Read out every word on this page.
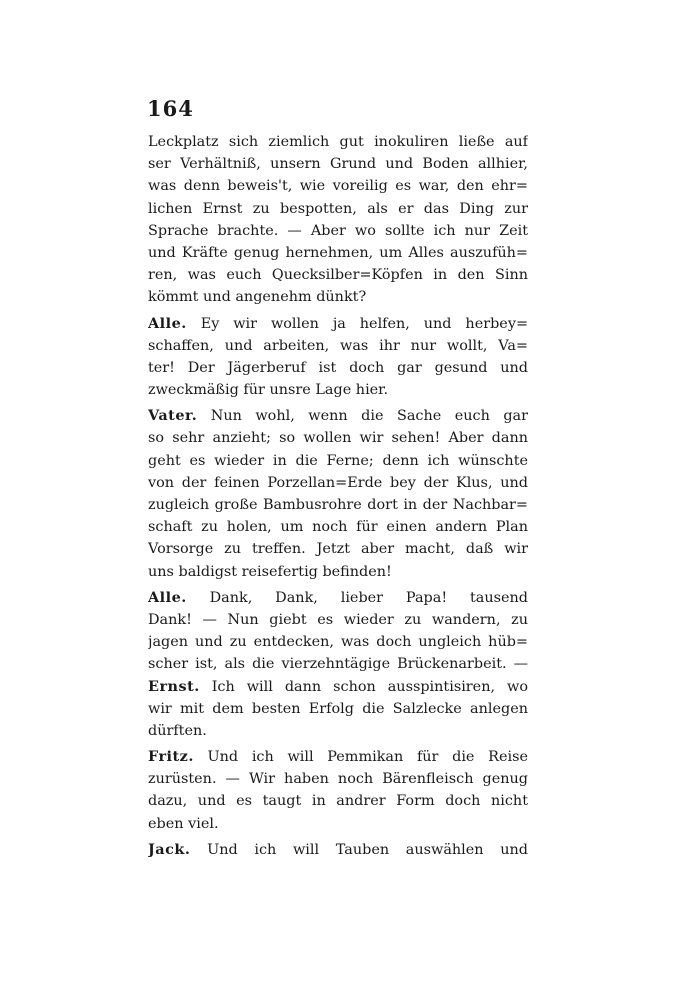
164
Leckplatz sich ziemlich gut inokuliren ließe auf
ser Verhältniß, unsern Grund und Boden allhier,
was denn beweis't, wie voreilig es war, den ehr=
lichen Ernst zu bespotten, als er das Ding zur
Sprache brachte. — Aber wo sollte ich nur Zeit
und Kräfte genug hernehmen, um Alles auszufüh=
ren, was euch Quecksilber=Köpfen in den Sinn
kömmt und angenehm dünkt?
Alle. Ey wir wollen ja helfen, und herbey=
schaffen, und arbeiten, was ihr nur wollt, Va=
ter! Der Jägerberuf ist doch gar gesund und
zweckmäßig für unsre Lage hier.
Vater. Nun wohl, wenn die Sache euch gar
so sehr anzieht; so wollen wir sehen! Aber dann
geht es wieder in die Ferne; denn ich wünschte
von der feinen Porzellan=Erde bey der Klus, und
zugleich große Bambusrohre dort in der Nachbar=
schaft zu holen, um noch für einen andern Plan
Vorsorge zu treffen. Jetzt aber macht, daß wir
uns baldigst reisefertig befinden!
Alle. Dank, Dank, lieber Papa! tausend
Dank! — Nun giebt es wieder zu wandern, zu
jagen und zu entdecken, was doch ungleich hüb=
scher ist, als die vierzehntägige Brückenarbeit. —
Ernst. Ich will dann schon ausspintisiren, wo
wir mit dem besten Erfolg die Salzlecke anlegen
dürften.
Fritz. Und ich will Pemmikan für die Reise
zurüsten. — Wir haben noch Bärenfleisch genug
dazu, und es taugt in andrer Form doch nicht
eben viel.
Jack. Und ich will Tauben auswählen und
